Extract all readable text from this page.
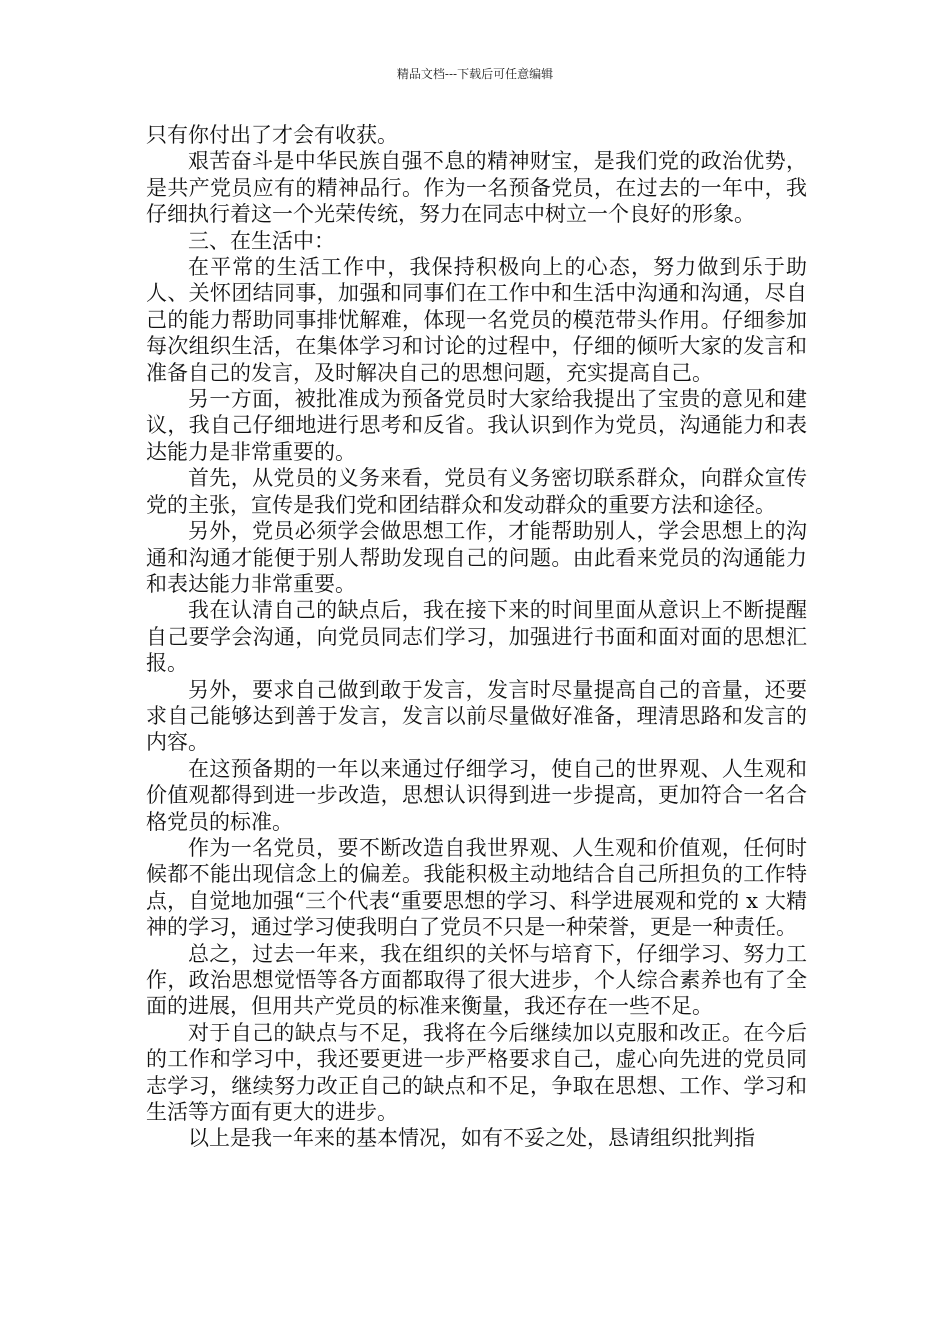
精品文档---下载后可任意编辑

只有你付出了才会有收获。

艰苦奋斗是中华民族自强不息的精神财宝，是我们党的政治优势，是共产党员应有的精神品行。作为一名预备党员，在过去的一年中，我仔细执行着这一个光荣传统，努力在同志中树立一个良好的形象。

三、在生活中：

在平常的生活工作中，我保持积极向上的心态，努力做到乐于助人、关怀团结同事，加强和同事们在工作中和生活中沟通和沟通，尽自己的能力帮助同事排忧解难，体现一名党员的模范带头作用。仔细参加每次组织生活，在集体学习和讨论的过程中，仔细的倾听大家的发言和准备自己的发言，及时解决自己的思想问题，充实提高自己。

另一方面，被批准成为预备党员时大家给我提出了宝贵的意见和建议，我自己仔细地进行思考和反省。我认识到作为党员，沟通能力和表达能力是非常重要的。

首先，从党员的义务来看，党员有义务密切联系群众，向群众宣传党的主张，宣传是我们党和团结群众和发动群众的重要方法和途径。

另外，党员必须学会做思想工作，才能帮助别人，学会思想上的沟通和沟通才能便于别人帮助发现自己的问题。由此看来党员的沟通能力和表达能力非常重要。

我在认清自己的缺点后，我在接下来的时间里面从意识上不断提醒自己要学会沟通，向党员同志们学习，加强进行书面和面对面的思想汇报。

另外，要求自己做到敢于发言，发言时尽量提高自己的音量，还要求自己能够达到善于发言，发言以前尽量做好准备，理清思路和发言的内容。

在这预备期的一年以来通过仔细学习，使自己的世界观、人生观和价值观都得到进一步改造，思想认识得到进一步提高，更加符合一名合格党员的标准。

作为一名党员，要不断改造自我世界观、人生观和价值观，任何时候都不能出现信念上的偏差。我能积极主动地结合自己所担负的工作特点，自觉地加强“三个代表“重要思想的学习、科学进展观和党的 x 大精神的学习，通过学习使我明白了党员不只是一种荣誉，更是一种责任。

总之，过去一年来，我在组织的关怀与培育下，仔细学习、努力工作，政治思想觉悟等各方面都取得了很大进步，个人综合素养也有了全面的进展，但用共产党员的标准来衡量，我还存在一些不足。

对于自己的缺点与不足，我将在今后继续加以克服和改正。在今后的工作和学习中，我还要更进一步严格要求自己，虚心向先进的党员同志学习，继续努力改正自己的缺点和不足，争取在思想、工作、学习和生活等方面有更大的进步。

以上是我一年来的基本情况，如有不妥之处，恳请组织批判指
